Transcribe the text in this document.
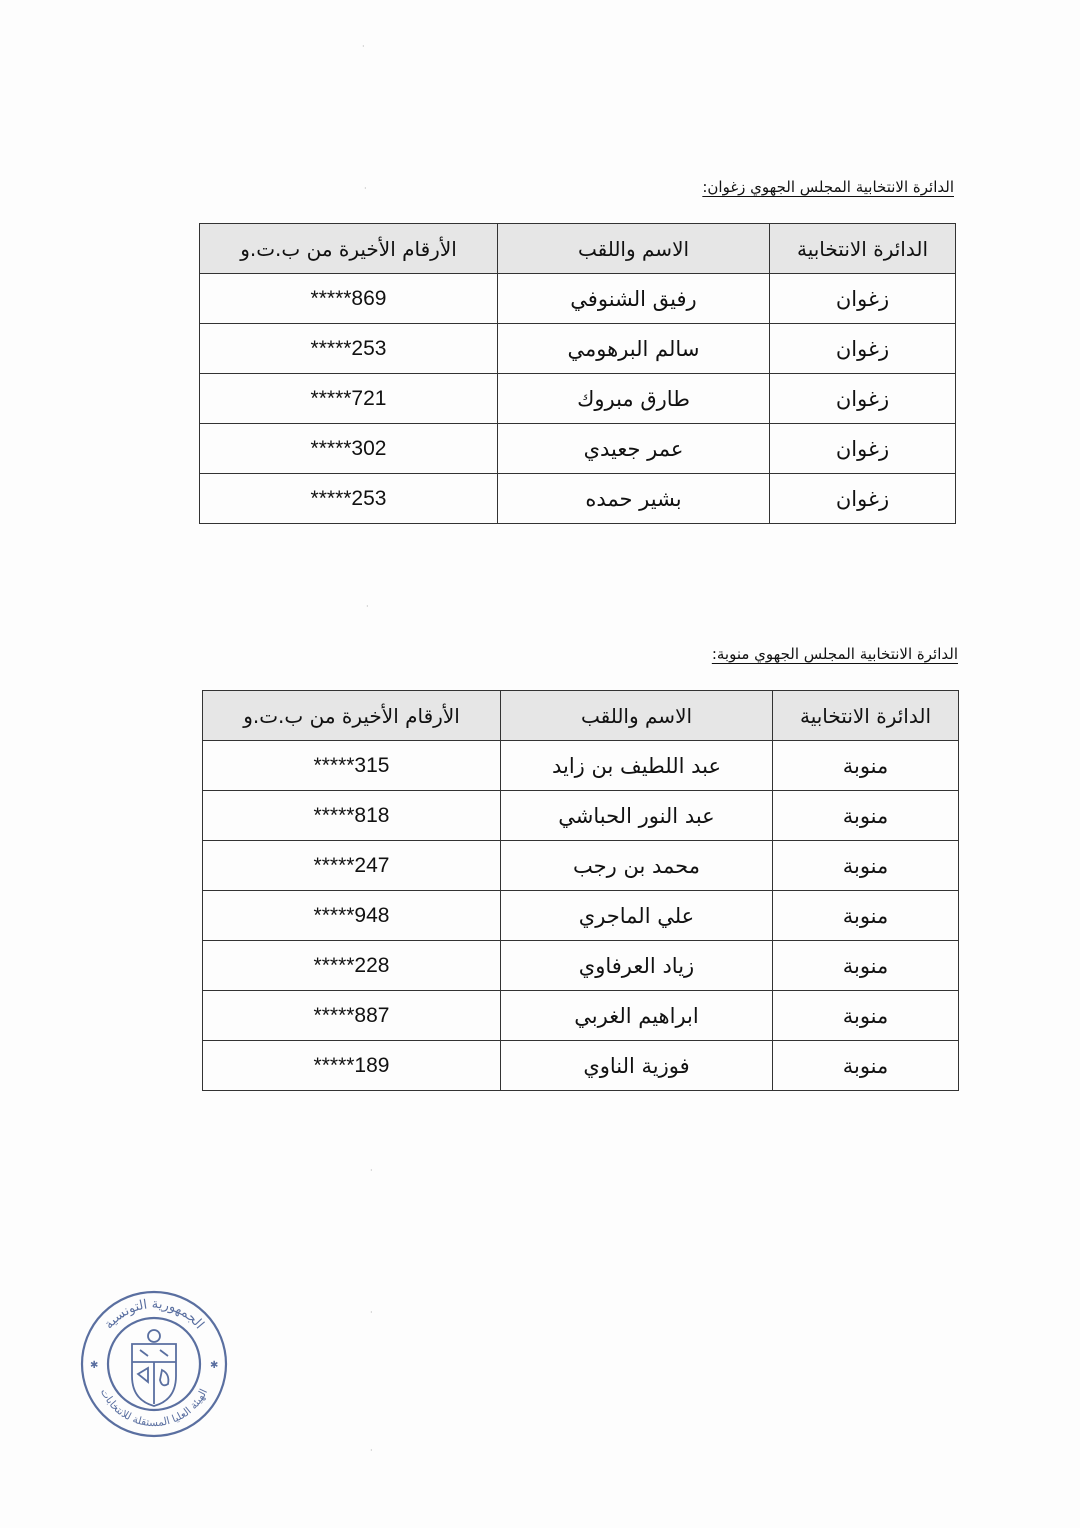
·
·
·
·
·
·
الدائرة الانتخابية المجلس الجهوي زغوان:
الدائرة الانتخابية	الاسم واللقب	الأرقام الأخيرة من ب.ت.و
زغوان	رفيق الشنوفي	*****869
زغوان	سالم البرهومي	*****253
زغوان	طارق مبروك	*****721
زغوان	عمر جعيدي	*****302
زغوان	بشير حمده	*****253
الدائرة الانتخابية المجلس الجهوي منوبة:
الدائرة الانتخابية	الاسم واللقب	الأرقام الأخيرة من ب.ت.و
منوبة	عبد اللطيف بن زايد	*****315
منوبة	عبد النور الحباشي	*****818
منوبة	محمد بن رجب	*****247
منوبة	علي الماجري	*****948
منوبة	زياد العرفاوي	*****228
منوبة	ابراهيم الغربي	*****887
منوبة	فوزية الناوي	*****189
الجمهورية التونسية
الهيئة العليا المستقلة للانتخابات
✱	✱
